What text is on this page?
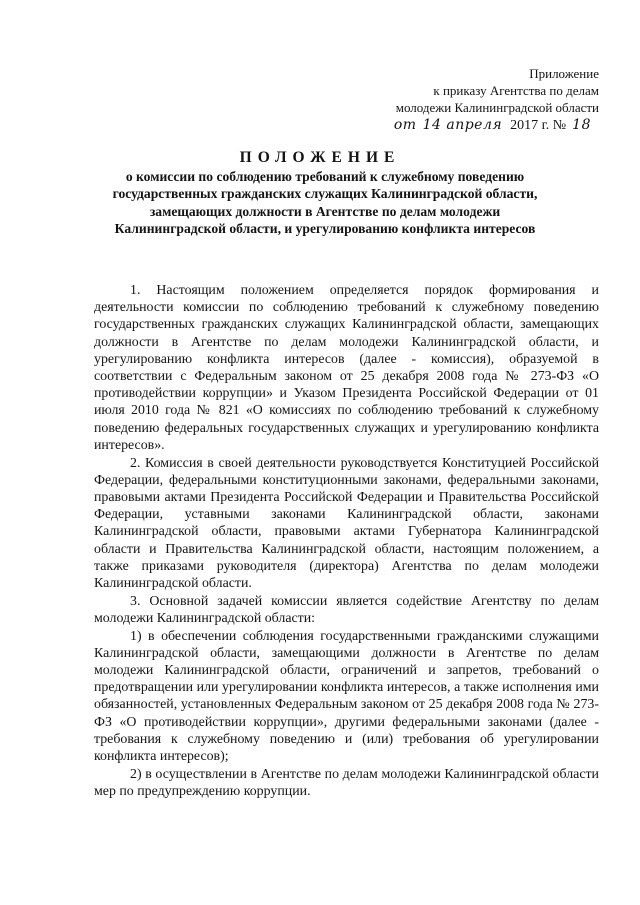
Приложение
к приказу Агентства по делам
молодежи Калининградской области
от 14 апреля 2017 г. № 18
ПОЛОЖЕНИЕ
о комиссии по соблюдению требований к служебному поведению государственных гражданских служащих Калининградской области, замещающих должности в Агентстве по делам молодежи Калининградской области, и урегулированию конфликта интересов

1. Настоящим положением определяется порядок формирования и деятельности комиссии по соблюдению требований к служебному поведению государственных гражданских служащих Калининградской области, замещающих должности в Агентстве по делам молодежи Калининградской области, и урегулированию конфликта интересов (далее - комиссия), образуемой в соответствии с Федеральным законом от 25 декабря 2008 года № 273-ФЗ «О противодействии коррупции» и Указом Президента Российской Федерации от 01 июля 2010 года № 821 «О комиссиях по соблюдению требований к служебному поведению федеральных государственных служащих и урегулированию конфликта интересов».

2. Комиссия в своей деятельности руководствуется Конституцией Российской Федерации, федеральными конституционными законами, федеральными законами, правовыми актами Президента Российской Федерации и Правительства Российской Федерации, уставными законами Калининградской области, законами Калининградской области, правовыми актами Губернатора Калининградской области и Правительства Калининградской области, настоящим положением, а также приказами руководителя (директора) Агентства по делам молодежи Калининградской области.

3. Основной задачей комиссии является содействие Агентству по делам молодежи Калининградской области:

1) в обеспечении соблюдения государственными гражданскими служащими Калининградской области, замещающими должности в Агентстве по делам молодежи Калининградской области, ограничений и запретов, требований о предотвращении или урегулировании конфликта интересов, а также исполнения ими обязанностей, установленных Федеральным законом от 25 декабря 2008 года № 273-ФЗ «О противодействии коррупции», другими федеральными законами (далее - требования к служебному поведению и (или) требования об урегулировании конфликта интересов);

2) в осуществлении в Агентстве по делам молодежи Калининградской области мер по предупреждению коррупции.
